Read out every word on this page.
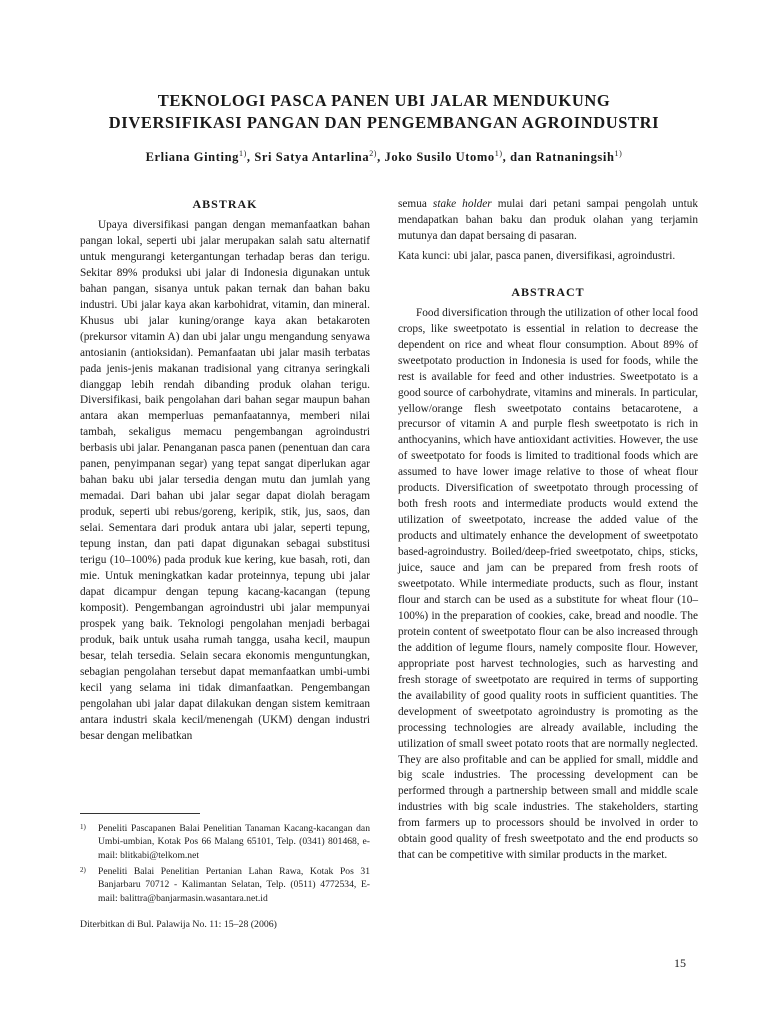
TEKNOLOGI PASCA PANEN UBI JALAR MENDUKUNG
DIVERSIFIKASI PANGAN DAN PENGEMBANGAN AGROINDUSTRI
Erliana Ginting$^{1)}$, Sri Satya Antarlina$^{2)}$, Joko Susilo Utomo$^{1)}$, dan Ratnaningsih$^{1)}$
ABSTRAK

Upaya diversifikasi pangan dengan memanfaatkan bahan pangan lokal, seperti ubi jalar merupakan salah satu alternatif untuk mengurangi ketergantungan terhadap beras dan terigu. Sekitar 89% produksi ubi jalar di Indonesia digunakan untuk bahan pangan, sisanya untuk pakan ternak dan bahan baku industri. Ubi jalar kaya akan karbohidrat, vitamin, dan mineral. Khusus ubi jalar kuning/orange kaya akan betakaroten (prekursor vitamin A) dan ubi jalar ungu mengandung senyawa antosianin (antioksidan). Pemanfaatan ubi jalar masih terbatas pada jenis-jenis makanan tradisional yang citranya seringkali dianggap lebih rendah dibanding produk olahan terigu. Diversifikasi, baik pengolahan dari bahan segar maupun bahan antara akan memperluas pemanfaatannya, memberi nilai tambah, sekaligus memacu pengembangan agroindustri berbasis ubi jalar. Penanganan pasca panen (penentuan dan cara panen, penyimpanan segar) yang tepat sangat diperlukan agar bahan baku ubi jalar tersedia dengan mutu dan jumlah yang memadai. Dari bahan ubi jalar segar dapat diolah beragam produk, seperti ubi rebus/goreng, keripik, stik, jus, saos, dan selai. Sementara dari produk antara ubi jalar, seperti tepung, tepung instan, dan pati dapat digunakan sebagai substitusi terigu (10–100%) pada produk kue kering, kue basah, roti, dan mie. Untuk meningkatkan kadar proteinnya, tepung ubi jalar dapat dicampur dengan tepung kacang-kacangan (tepung komposit). Pengembangan agroindustri ubi jalar mempunyai prospek yang baik. Teknologi pengolahan menjadi berbagai produk, baik untuk usaha rumah tangga, usaha kecil, maupun besar, telah tersedia. Selain secara ekonomis menguntungkan, sebagian pengolahan tersebut dapat memanfaatkan umbi-umbi kecil yang selama ini tidak dimanfaatkan. Pengembangan pengolahan ubi jalar dapat dilakukan dengan sistem kemitraan antara industri skala kecil/menengah (UKM) dengan industri besar dengan melibatkan

semua stake holder mulai dari petani sampai pengolah untuk mendapatkan bahan baku dan produk olahan yang terjamin mutunya dan dapat bersaing di pasaran.

Kata kunci: ubi jalar, pasca panen, diversifikasi, agroindustri.

ABSTRACT

Food diversification through the utilization of other local food crops, like sweetpotato is essential in relation to decrease the dependent on rice and wheat flour consumption. About 89% of sweetpotato production in Indonesia is used for foods, while the rest is available for feed and other industries. Sweetpotato is a good source of carbohydrate, vitamins and minerals. In particular, yellow/orange flesh sweetpotato contains betacarotene, a precursor of vitamin A and purple flesh sweetpotato is rich in anthocyanins, which have antioxidant activities. However, the use of sweetpotato for foods is limited to traditional foods which are assumed to have lower image relative to those of wheat flour products. Diversification of sweetpotato through processing of both fresh roots and intermediate products would extend the utilization of sweetpotato, increase the added value of the products and ultimately enhance the development of sweetpotato based-agroindustry. Boiled/deep-fried sweetpotato, chips, sticks, juice, sauce and jam can be prepared from fresh roots of sweetpotato. While intermediate products, such as flour, instant flour and starch can be used as a substitute for wheat flour (10–100%) in the preparation of cookies, cake, bread and noodle. The protein content of sweetpotato flour can be also increased through the addition of legume flours, namely composite flour. However, appropriate post harvest technologies, such as harvesting and fresh storage of sweetpotato are required in terms of supporting the availability of good quality roots in sufficient quantities. The development of sweetpotato agroindustry is promoting as the processing technologies are already available, including the utilization of small sweet potato roots that are normally neglected. They are also profitable and can be applied for small, middle and big scale industries. The processing development can be performed through a partnership between small and middle scale industries with big scale industries. The stakeholders, starting from farmers up to processors should be involved in order to obtain good quality of fresh sweetpotato and the end products so that can be competitive with similar products in the market.

1)	Peneliti Pascapanen Balai Penelitian Tanaman Kacang-kacangan dan Umbi-umbian, Kotak Pos 66 Malang 65101, Telp. (0341) 801468, e-mail: blitkabi@telkom.net
2)	Peneliti Balai Penelitian Pertanian Lahan Rawa, Kotak Pos 31 Banjarbaru 70712 - Kalimantan Selatan, Telp. (0511) 4772534, E-mail: balittra@banjarmasin.wasantara.net.id
Diterbitkan di Bul. Palawija No. 11: 15–28 (2006)
15
